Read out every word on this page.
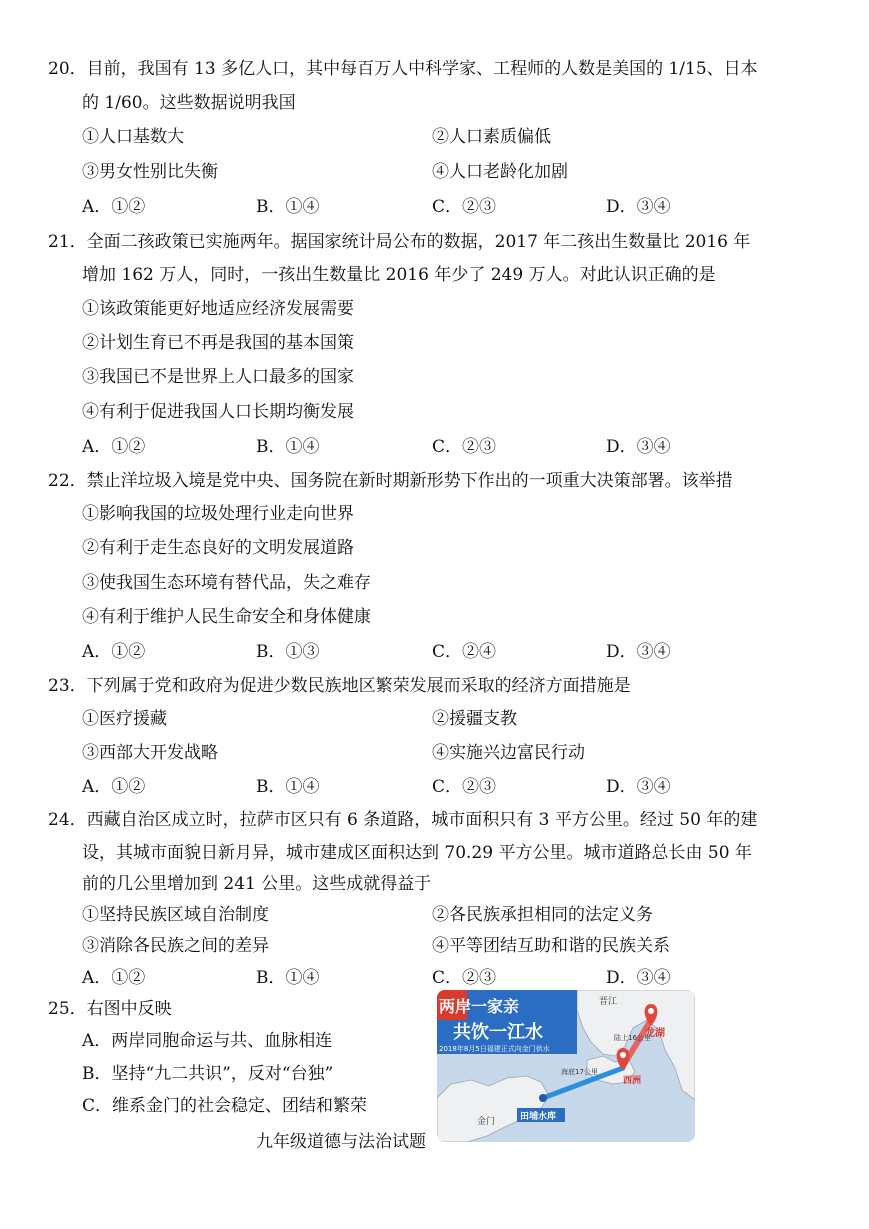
20．目前，我国有 13 多亿人口，其中每百万人中科学家、工程师的人数是美国的 1/15、日本
的 1/60。这些数据说明我国
①人口基数大	②人口素质偏低
③男女性别比失衡	④人口老龄化加剧
A．①②	B．①④	C．②③	D．③④
21．全面二孩政策已实施两年。据国家统计局公布的数据，2017 年二孩出生数量比 2016 年
增加 162 万人，同时，一孩出生数量比 2016 年少了 249 万人。对此认识正确的是
①该政策能更好地适应经济发展需要
②计划生育已不再是我国的基本国策
③我国已不是世界上人口最多的国家
④有利于促进我国人口长期均衡发展
A．①②	B．①④	C．②③	D．③④
22．禁止洋垃圾入境是党中央、国务院在新时期新形势下作出的一项重大决策部署。该举措
①影响我国的垃圾处理行业走向世界
②有利于走生态良好的文明发展道路
③使我国生态环境有替代品，失之难存
④有利于维护人民生命安全和身体健康
A．①②	B．①③	C．②④	D．③④
23．下列属于党和政府为促进少数民族地区繁荣发展而采取的经济方面措施是
①医疗援藏	②援疆支教
③西部大开发战略	④实施兴边富民行动
A．①②	B．①④	C．②③	D．③④
24．西藏自治区成立时，拉萨市区只有 6 条道路，城市面积只有 3 平方公里。经过 50 年的建
设，其城市面貌日新月异，城市建成区面积达到 70.29 平方公里。城市道路总长由 50 年
前的几公里增加到 241 公里。这些成就得益于
①坚持民族区域自治制度	②各民族承担相同的法定义务
③消除各民族之间的差异	④平等团结互助和谐的民族关系
A．①②	B．①④	C．②③	D．③④
25．右图中反映
A．两岸同胞命运与共、血脉相连
B．坚持“九二共识”，反对“台独”
C．维系金门的社会稳定、团结和繁荣
两岸一家亲
共饮一江水
2018年8月5日福建正式向金门供水
晋江
龙湖
陆上16公里
海底17公里
西洲
金门	田埔水库
九年级道德与法治试题
